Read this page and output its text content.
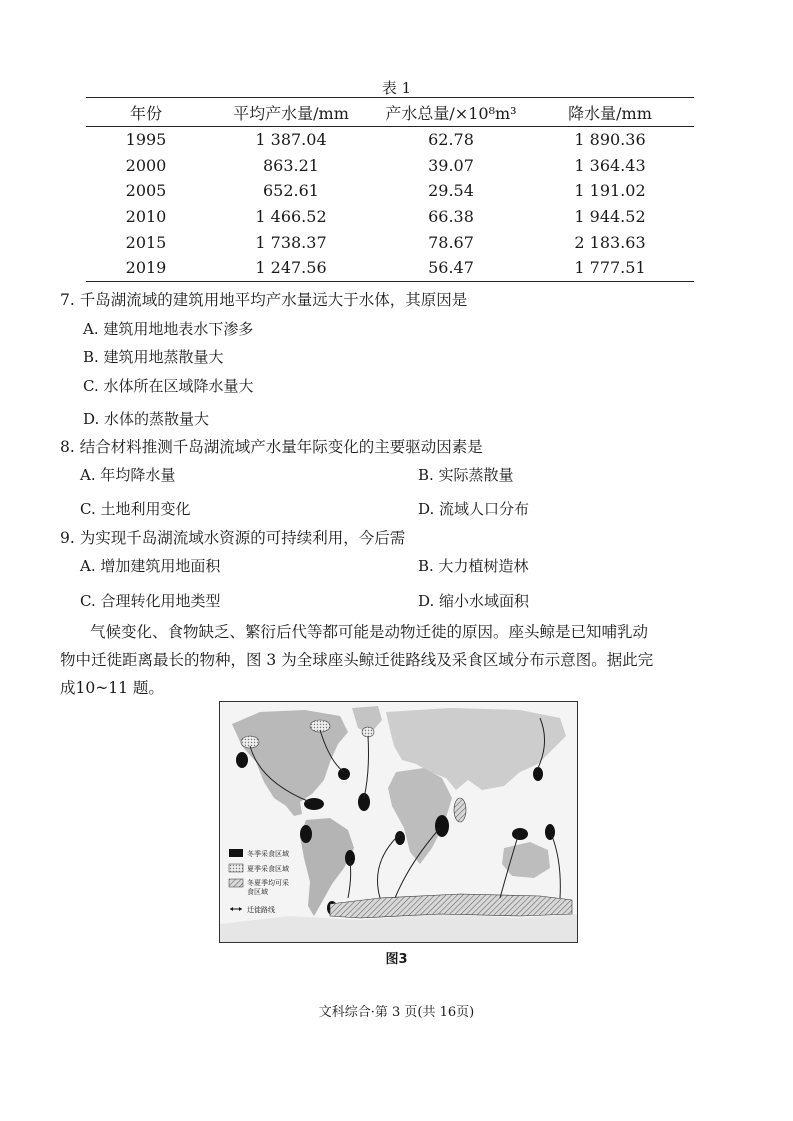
表 1
年份	平均产水量/mm	产水总量/×10⁸m³	降水量/mm
1995	1 387.04	62.78	1 890.36
2000	863.21	39.07	1 364.43
2005	652.61	29.54	1 191.02
2010	1 466.52	66.38	1 944.52
2015	1 738.37	78.67	2 183.63
2019	1 247.56	56.47	1 777.51
7. 千岛湖流域的建筑用地平均产水量远大于水体，其原因是
A. 建筑用地地表水下渗多
B. 建筑用地蒸散量大
C. 水体所在区域降水量大
D. 水体的蒸散量大
8. 结合材料推测千岛湖流域产水量年际变化的主要驱动因素是
A. 年均降水量	B. 实际蒸散量
C. 土地利用变化	D. 流域人口分布
9. 为实现千岛湖流域水资源的可持续利用，今后需
A. 增加建筑用地面积	B. 大力植树造林
C. 合理转化用地类型	D. 缩小水域面积
气候变化、食物缺乏、繁衍后代等都可能是动物迁徙的原因。座头鲸是已知哺乳动
物中迁徙距离最长的物种，图 3 为全球座头鲸迁徙路线及采食区域分布示意图。据此完
成10~11 题。
冬季采食区域
夏季采食区域
冬夏季均可采
食区域
迁徙路线
图3
文科综合·第 3 页(共 16页)
